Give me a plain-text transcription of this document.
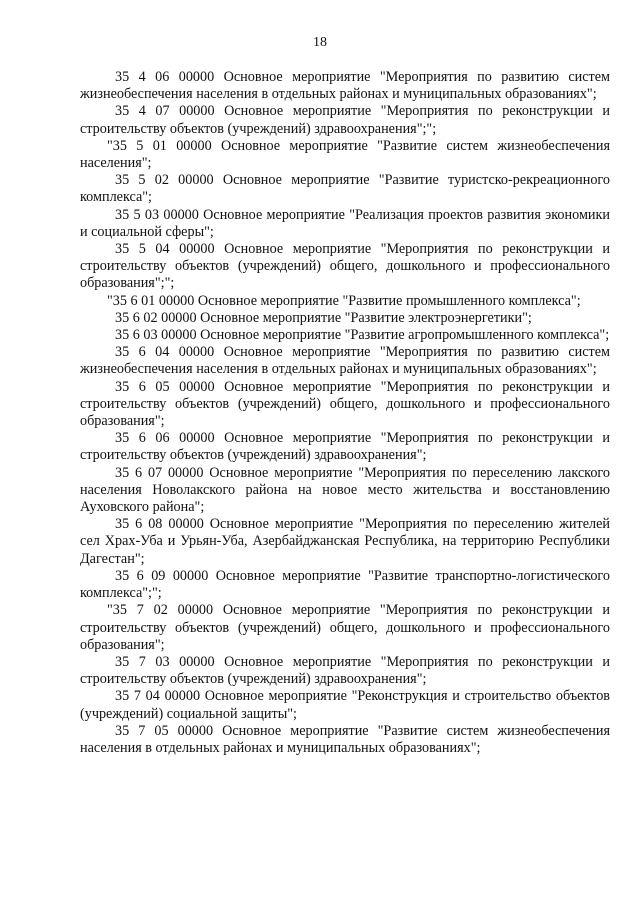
18

35 4 06 00000 Основное мероприятие "Мероприятия по развитию систем жизнеобеспечения населения в отдельных районах и муниципальных образованиях";

35 4 07 00000 Основное мероприятие "Мероприятия по реконструкции и строительству объектов (учреждений) здравоохранения";";

"35 5 01 00000 Основное мероприятие "Развитие систем жизнеобеспечения населения";

35 5 02 00000 Основное мероприятие "Развитие туристско-рекреационного комплекса";

35 5 03 00000 Основное мероприятие "Реализация проектов развития экономики и социальной сферы";

35 5 04 00000 Основное мероприятие "Мероприятия по реконструкции и строительству объектов (учреждений) общего, дошкольного и профессионального образования";";

"35 6 01 00000 Основное мероприятие "Развитие промышленного комплекса";

35 6 02 00000 Основное мероприятие "Развитие электроэнергетики";

35 6 03 00000 Основное мероприятие "Развитие агропромышленного комплекса";

35 6 04 00000 Основное мероприятие "Мероприятия по развитию систем жизнеобеспечения населения в отдельных районах и муниципальных образованиях";

35 6 05 00000 Основное мероприятие "Мероприятия по реконструкции и строительству объектов (учреждений) общего, дошкольного и профессионального образования";

35 6 06 00000 Основное мероприятие "Мероприятия по реконструкции и строительству объектов (учреждений) здравоохранения";

35 6 07 00000 Основное мероприятие "Мероприятия по переселению лакского населения Новолакского района на новое место жительства и восстановлению Ауховского района";

35 6 08 00000 Основное мероприятие "Мероприятия по переселению жителей сел Храх-Уба и Урьян-Уба, Азербайджанская Республика, на территорию Республики Дагестан";

35 6 09 00000 Основное мероприятие "Развитие транспортно-логистического комплекса";";

"35 7 02 00000 Основное мероприятие "Мероприятия по реконструкции и строительству объектов (учреждений) общего, дошкольного и профессионального образования";

35 7 03 00000 Основное мероприятие "Мероприятия по реконструкции и строительству объектов (учреждений) здравоохранения";

35 7 04 00000 Основное мероприятие "Реконструкция и строительство объектов (учреждений) социальной защиты";

35 7 05 00000 Основное мероприятие "Развитие систем жизнеобеспечения населения в отдельных районах и муниципальных образованиях";
